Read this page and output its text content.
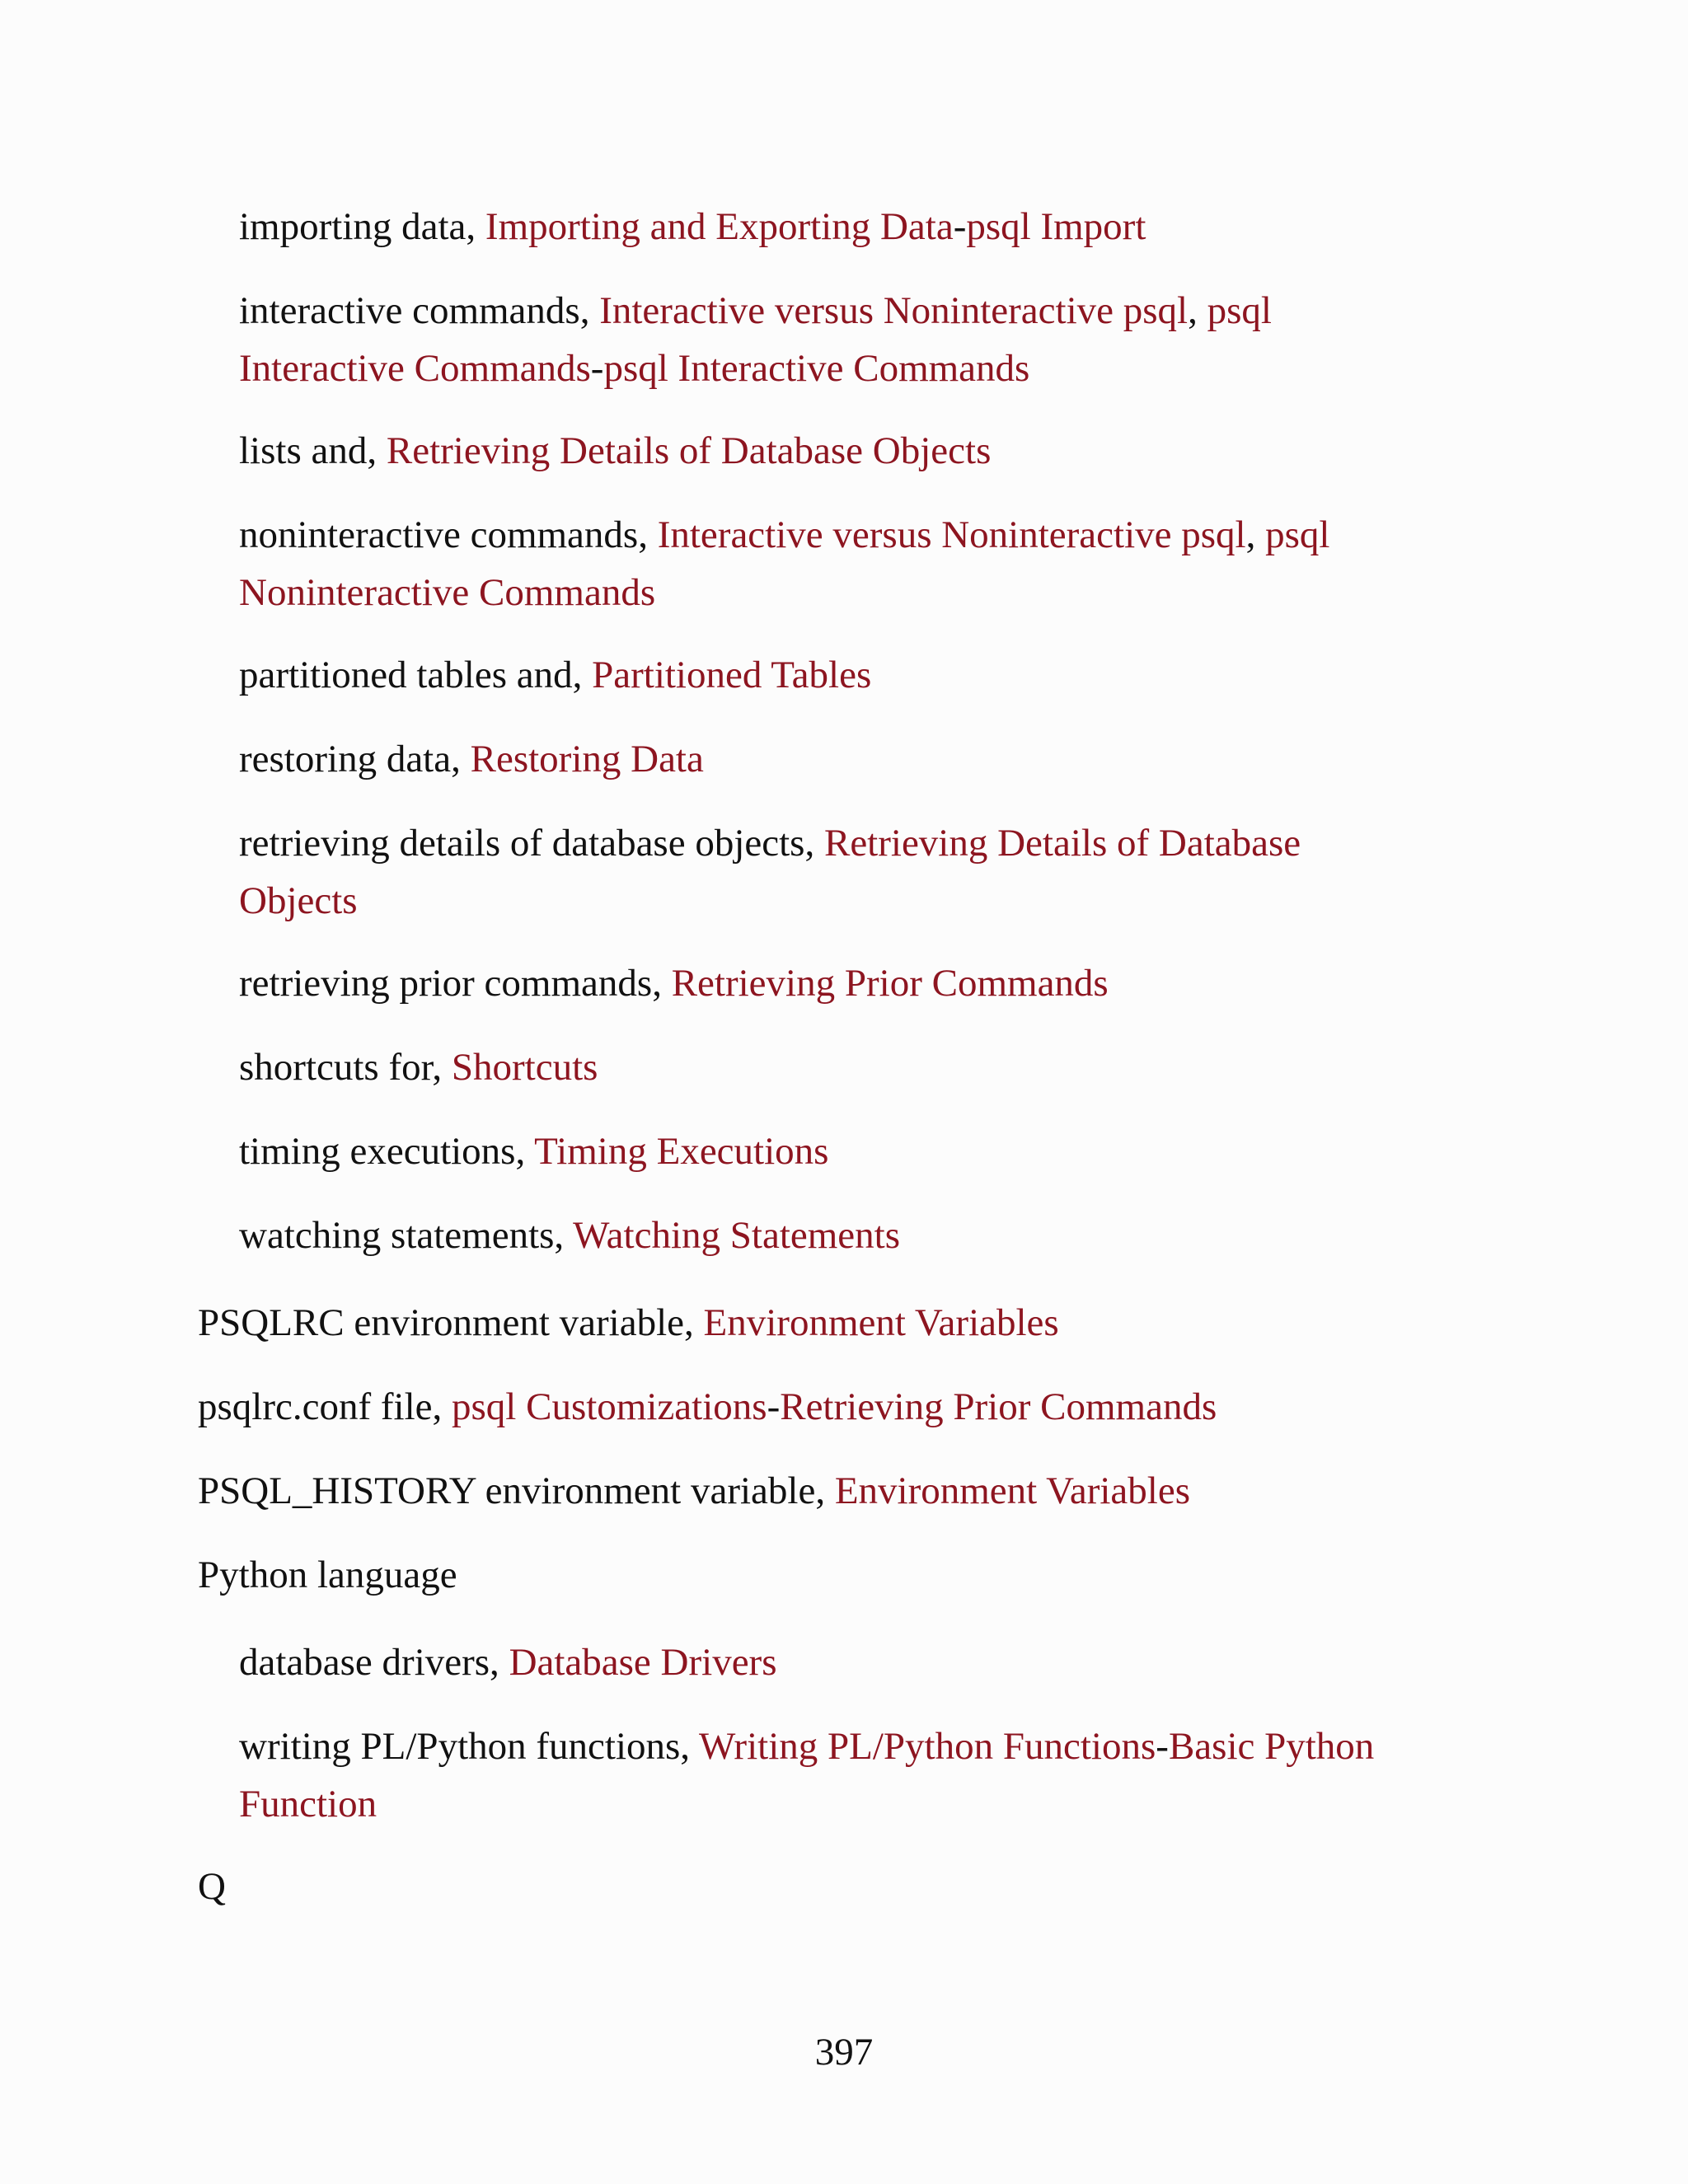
importing data, Importing and Exporting Data-psql Import
interactive commands, Interactive versus Noninteractive psql, psql
Interactive Commands-psql Interactive Commands
lists and, Retrieving Details of Database Objects
noninteractive commands, Interactive versus Noninteractive psql, psql
Noninteractive Commands
partitioned tables and, Partitioned Tables
restoring data, Restoring Data
retrieving details of database objects, Retrieving Details of Database
Objects
retrieving prior commands, Retrieving Prior Commands
shortcuts for, Shortcuts
timing executions, Timing Executions
watching statements, Watching Statements
PSQLRC environment variable, Environment Variables
psqlrc.conf file, psql Customizations-Retrieving Prior Commands
PSQL_HISTORY environment variable, Environment Variables
Python language
database drivers, Database Drivers
writing PL/Python functions, Writing PL/Python Functions-Basic Python
Function
Q
397
